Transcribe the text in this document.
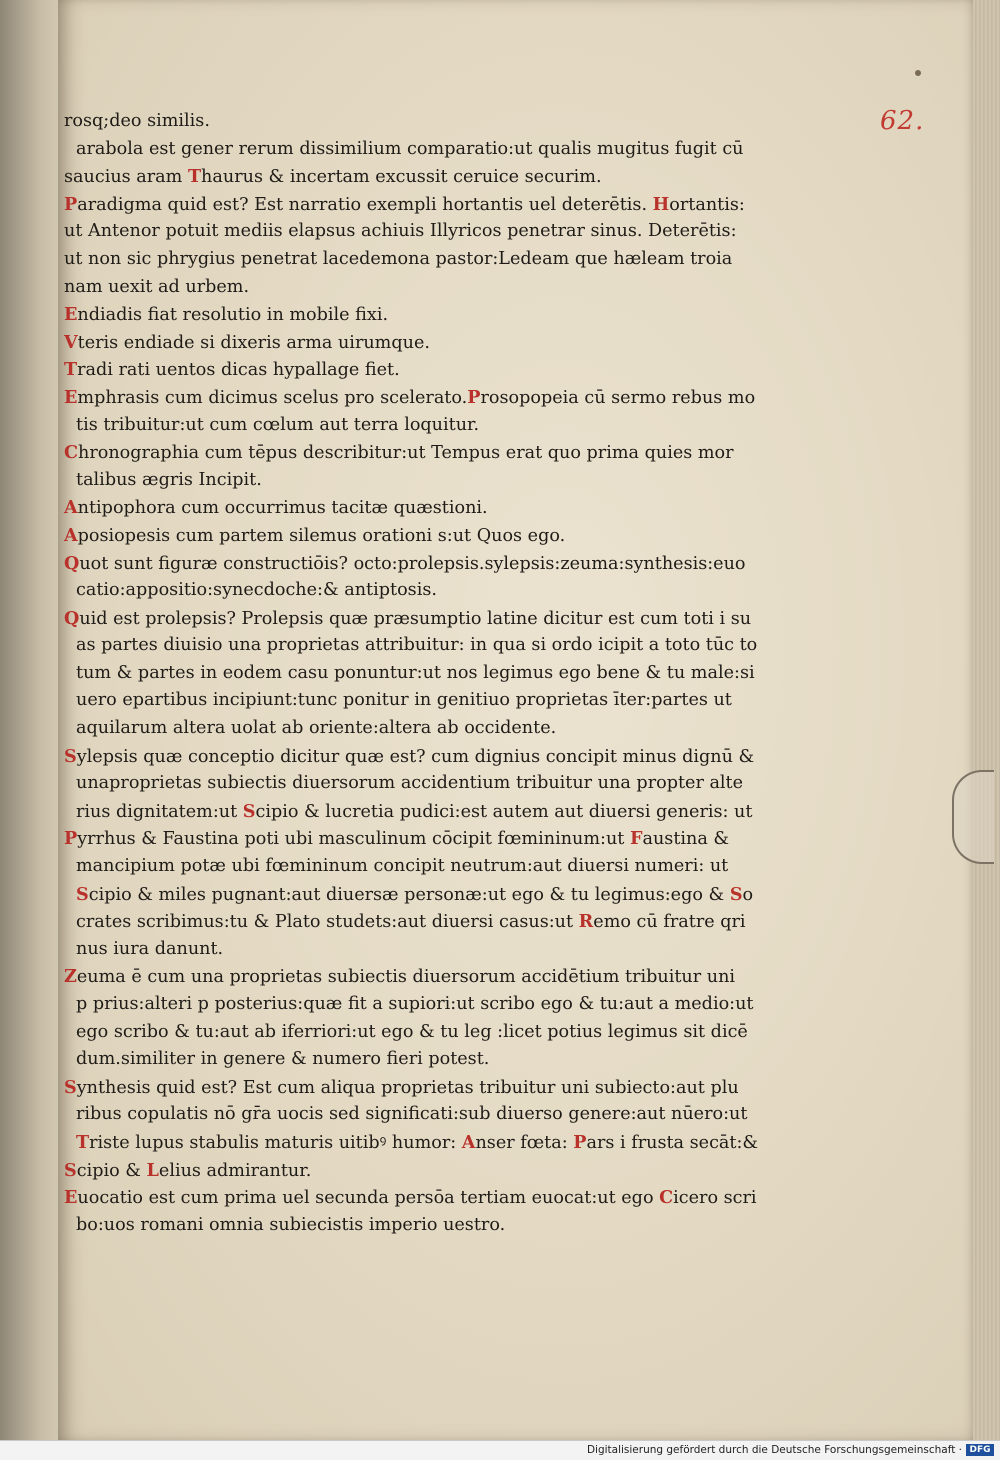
62.
rosq;deo similis.
arabola est gener rerum dissimilium comparatio:ut qualis mugitus fugit cū
saucius aram Thaurus & incertam excussit ceruice securim.
Paradigma quid est? Est narratio exempli hortantis uel deterētis. Hortantis:
ut Antenor potuit mediis elapsus achiuis Illyricos penetrar sinus. Deterētis:
ut non sic phrygius penetrat lacedemona pastor:Ledeam que hæleam troia
nam uexit ad urbem.
Endiadis fiat resolutio in mobile fixi.
Vteris endiade si dixeris arma uirumque.
Tradi rati uentos dicas hypallage fiet.
Emphrasis cum dicimus scelus pro scelerato.Prosopopeia cū sermo rebus mo
tis tribuitur:ut cum cœlum aut terra loquitur.
Chronographia cum tēpus describitur:ut Tempus erat quo prima quies mor
talibus ægris Incipit.
Antipophora cum occurrimus tacitæ quæstioni.
Aposiopesis cum partem silemus orationi s:ut Quos ego.
Quot sunt figuræ constructiōis? octo:prolepsis.sylepsis:zeuma:synthesis:euo
catio:appositio:synecdoche:& antiptosis.
Quid est prolepsis? Prolepsis quæ præsumptio latine dicitur est cum toti i su
as partes diuisio una proprietas attribuitur: in qua si ordo icipit a toto tūc to
tum & partes in eodem casu ponuntur:ut nos legimus ego bene & tu male:si
uero epartibus incipiunt:tunc ponitur in genitiuo proprietas īter:partes ut
aquilarum altera uolat ab oriente:altera ab occidente.
Sylepsis quæ conceptio dicitur quæ est? cum dignius concipit minus dignū &
unaproprietas subiectis diuersorum accidentium tribuitur una propter alte
rius dignitatem:ut Scipio & lucretia pudici:est autem aut diuersi generis: ut
Pyrrhus & Faustina poti ubi masculinum cōcipit fœmininum:ut Faustina &
mancipium potæ ubi fœmininum concipit neutrum:aut diuersi numeri: ut
Scipio & miles pugnant:aut diuersæ personæ:ut ego & tu legimus:ego & So
crates scribimus:tu & Plato studets:aut diuersi casus:ut Remo cū fratre qri
nus iura danunt.
Zeuma ē cum una proprietas subiectis diuersorum accidētium tribuitur uni
p prius:alteri p posterius:quæ fit a supiori:ut scribo ego & tu:aut a medio:ut
ego scribo & tu:aut ab iferriori:ut ego & tu leg :licet potius legimus sit dicē
dum.similiter in genere & numero fieri potest.
Synthesis quid est? Est cum aliqua proprietas tribuitur uni subiecto:aut plu
ribus copulatis nō gr̄a uocis sed significati:sub diuerso genere:aut nūero:ut
Triste lupus stabulis maturis uitibꝰ humor: Anser fœta: Pars i frusta secāt:&
Scipio & Lelius admirantur.
Euocatio est cum prima uel secunda persōa tertiam euocat:ut ego Cicero scri
bo:uos romani omnia subiecistis imperio uestro.
Digitalisierung gefördert durch die Deutsche Forschungsgemeinschaft · DFG
